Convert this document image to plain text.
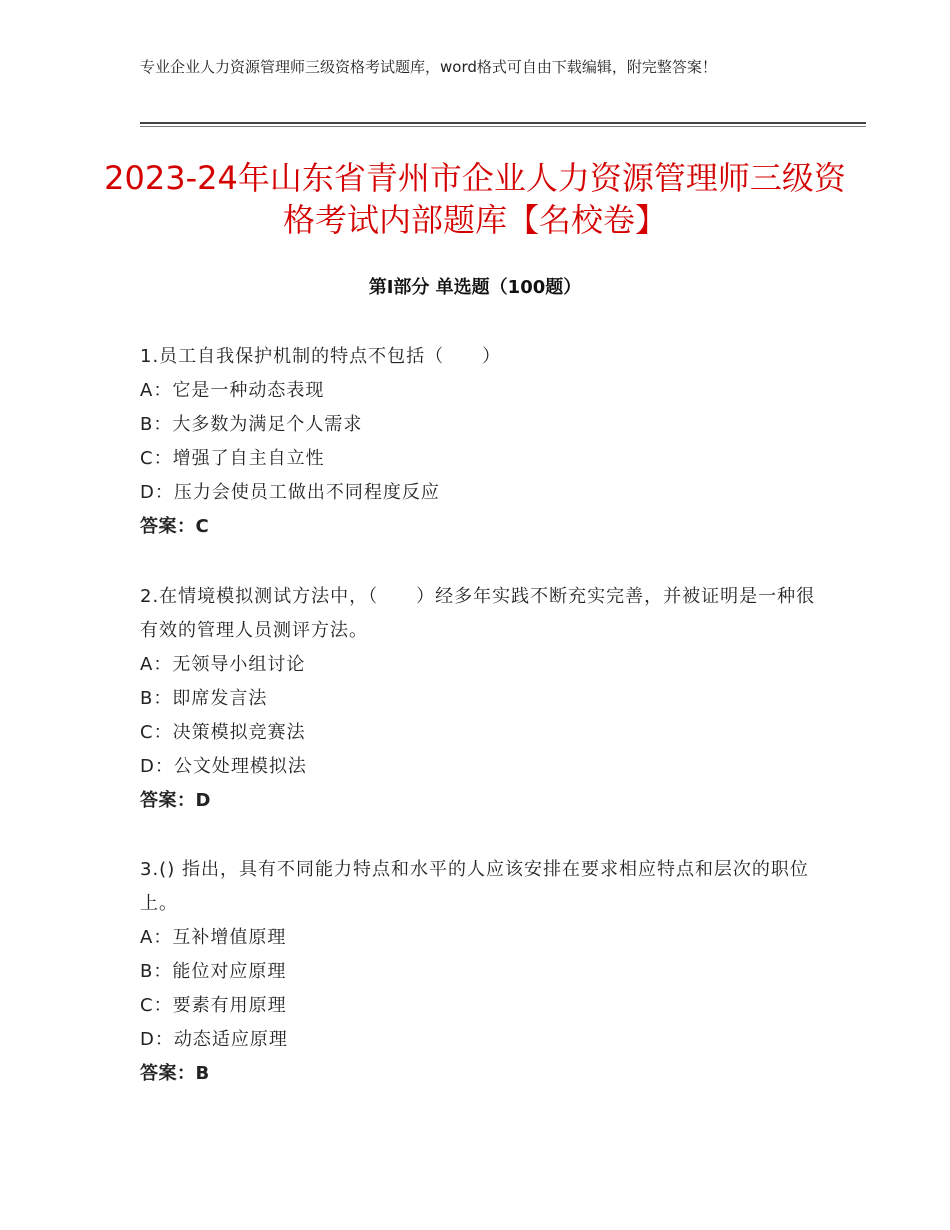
专业企业人力资源管理师三级资格考试题库，word格式可自由下载编辑，附完整答案！
2023-24年山东省青州市企业人力资源管理师三级资格考试内部题库【名校卷】
第I部分 单选题（100题）
1.员工自我保护机制的特点不包括（　　）
A：它是一种动态表现
B：大多数为满足个人需求
C：增强了自主自立性
D：压力会使员工做出不同程度反应
答案：C
2.在情境模拟测试方法中，（　　）经多年实践不断充实完善，并被证明是一种很有效的管理人员测评方法。
A：无领导小组讨论
B：即席发言法
C：决策模拟竞赛法
D：公文处理模拟法
答案：D
3.() 指出，具有不同能力特点和水平的人应该安排在要求相应特点和层次的职位上。
A：互补增值原理
B：能位对应原理
C：要素有用原理
D：动态适应原理
答案：B
